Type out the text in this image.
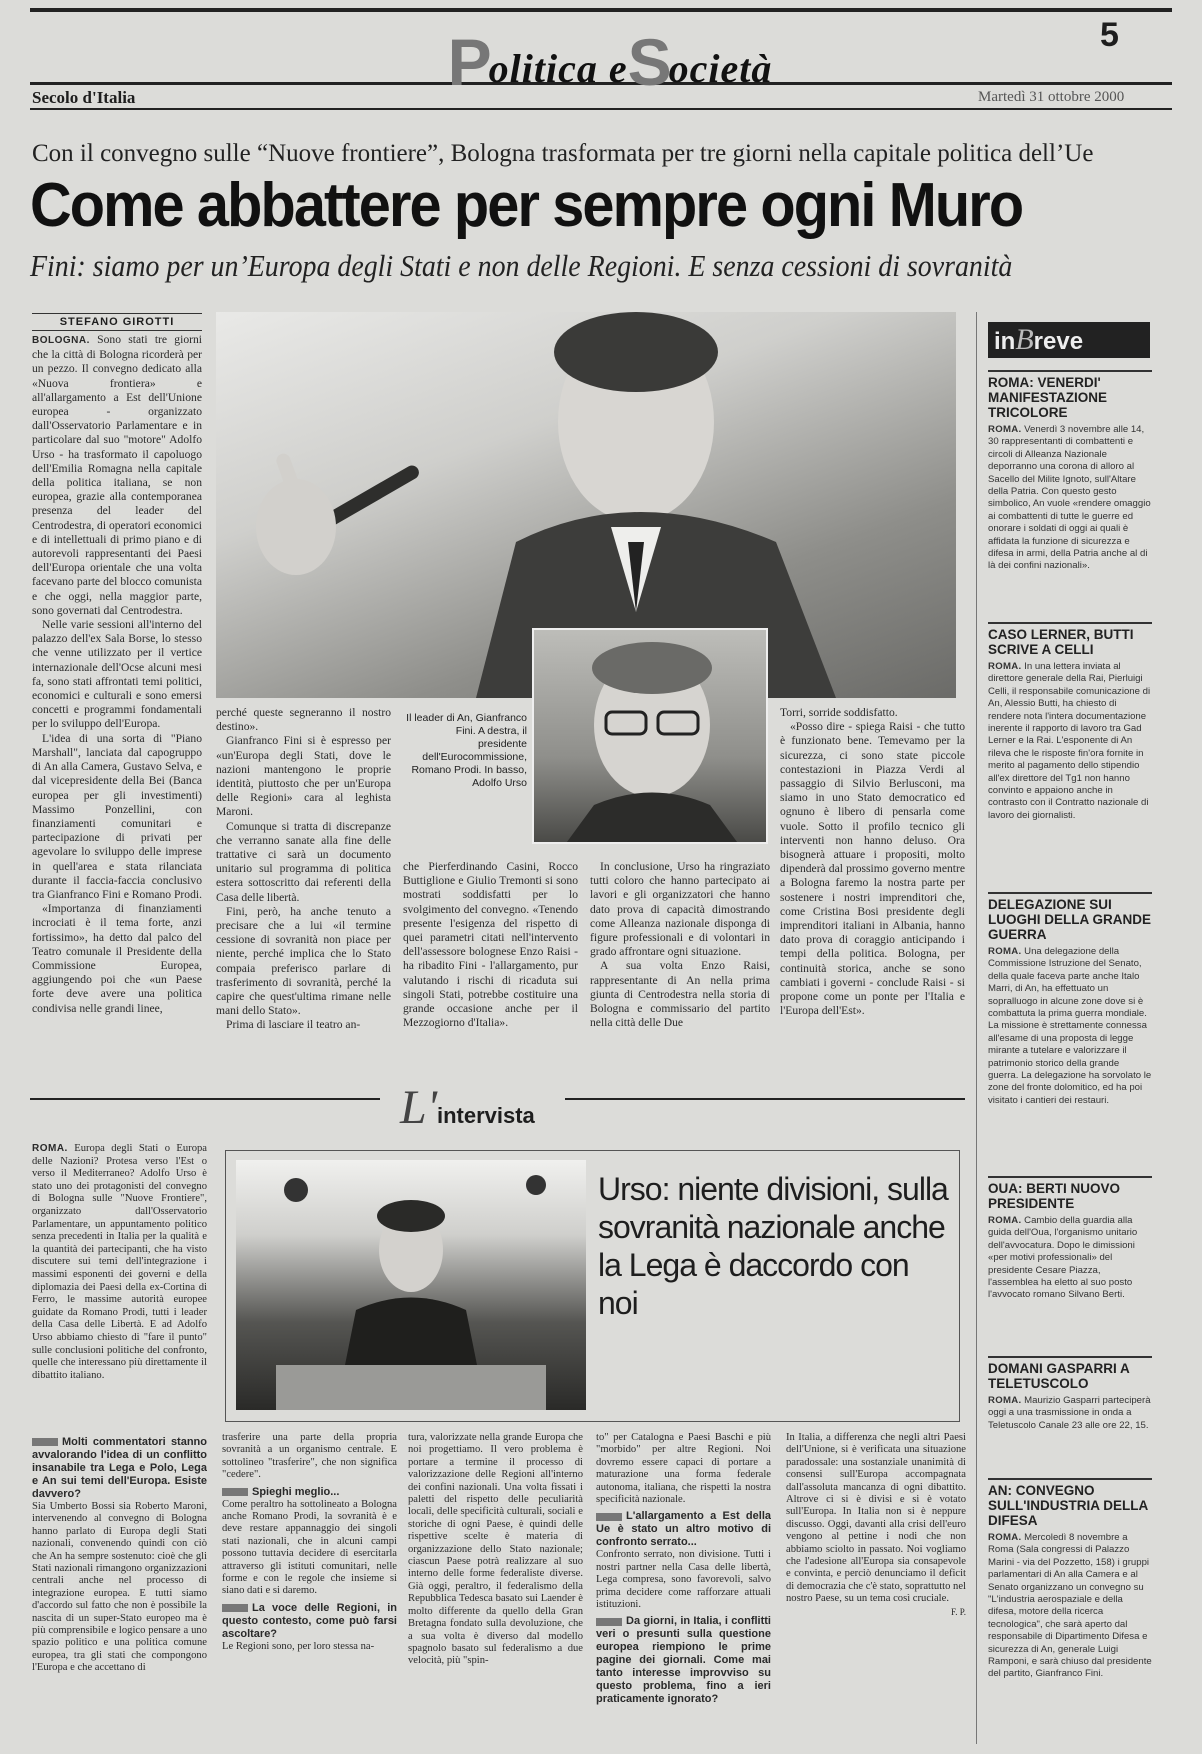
P
olitica e S
ocietà
5
Secolo d'Italia	Martedì 31 ottobre 2000
Con il convegno sulle “Nuove frontiere”, Bologna trasformata per tre giorni nella capitale politica dell’Ue
Come abbattere per sempre ogni Muro
Fini: siamo per un’Europa degli Stati e non delle Regioni. E senza cessioni di sovranità
STEFANO GIROTTI
BOLOGNA. Sono stati tre giorni che la città di Bologna ricorderà per un pezzo. Il convegno dedicato alla «Nuova frontiera» e all'allargamento a Est dell'Unione europea - organizzato dall'Osservatorio Parlamentare e in particolare dal suo "motore" Adolfo Urso - ha trasformato il capoluogo dell'Emilia Romagna nella capitale della politica italiana, se non europea, grazie alla contemporanea presenza del leader del Centrodestra, di operatori economici e di intellettuali di primo piano e di autorevoli rappresentanti dei Paesi dell'Europa orientale che una volta facevano parte del blocco comunista e che oggi, nella maggior parte, sono governati dal Centrodestra.

Nelle varie sessioni all'interno del palazzo dell'ex Sala Borse, lo stesso che venne utilizzato per il vertice internazionale dell'Ocse alcuni mesi fa, sono stati affrontati temi politici, economici e culturali e sono emersi concetti e programmi fondamentali per lo sviluppo dell'Europa.

L'idea di una sorta di "Piano Marshall", lanciata dal capogruppo di An alla Camera, Gustavo Selva, e dal vicepresidente della Bei (Banca europea per gli investimenti) Massimo Ponzellini, con finanziamenti comunitari e partecipazione di privati per agevolare lo sviluppo delle imprese in quell'area e stata rilanciata durante il faccia-faccia conclusivo tra Gianfranco Fini e Romano Prodi.

«Importanza di finanziamenti incrociati è il tema forte, anzi fortissimo», ha detto dal palco del Teatro comunale il Presidente della Commissione Europea, aggiungendo poi che «un Paese forte deve avere una politica condivisa nelle grandi linee,

Il leader di An, Gianfranco Fini. A destra, il presidente dell'Eurocommissione, Romano Prodi. In basso, Adolfo Urso
perché queste segneranno il nostro destino».

Gianfranco Fini si è espresso per «un'Europa degli Stati, dove le nazioni mantengono le proprie identità, piuttosto che per un'Europa delle Regioni» cara al leghista Maroni.

Comunque si tratta di discrepanze che verranno sanate alla fine delle trattative ci sarà un documento unitario sul programma di politica estera sottoscritto dai referenti della Casa delle libertà.

Fini, però, ha anche tenuto a precisare che a lui «il termine cessione di sovranità non piace per niente, perché implica che lo Stato compaia preferisco parlare di trasferimento di sovranità, perché la capire che quest'ultima rimane nelle mani dello Stato».

Prima di lasciare il teatro an-

che Pierferdinando Casini, Rocco Buttiglione e Giulio Tremonti si sono mostrati soddisfatti per lo svolgimento del convegno. «Tenendo presente l'esigenza del rispetto di quei parametri citati nell'intervento dell'assessore bolognese Enzo Raisi - ha ribadito Fini - l'allargamento, pur valutando i rischi di ricaduta sui singoli Stati, potrebbe costituire una grande occasione anche per il Mezzogiorno d'Italia».

In conclusione, Urso ha ringraziato tutti coloro che hanno partecipato ai lavori e gli organizzatori che hanno dato prova di capacità dimostrando come Alleanza nazionale disponga di figure professionali e di volontari in grado affrontare ogni situazione.

A sua volta Enzo Raisi, rappresentante di An nella prima giunta di Centrodestra nella storia di Bologna e commissario del partito nella città delle Due

Torri, sorride soddisfatto.

«Posso dire - spiega Raisi - che tutto è funzionato bene. Temevamo per la sicurezza, ci sono state piccole contestazioni in Piazza Verdi al passaggio di Silvio Berlusconi, ma siamo in uno Stato democratico ed ognuno è libero di pensarla come vuole. Sotto il profilo tecnico gli interventi non hanno deluso. Ora bisognerà attuare i propositi, molto dipenderà dal prossimo governo mentre a Bologna faremo la nostra parte per sostenere i nostri imprenditori che, come Cristina Bosi presidente degli imprenditori italiani in Albania, hanno dato prova di coraggio anticipando i tempi della politica. Bologna, per continuità storica, anche se sono cambiati i governi - conclude Raisi - si propone come un ponte per l'Italia e l'Europa dell'Est».

inBreve
ROMA: VENERDI' MANIFESTAZIONE TRICOLORE
ROMA. Venerdì 3 novembre alle 14, 30 rappresentanti di combattenti e circoli di Alleanza Nazionale deporranno una corona di alloro al Sacello del Milite Ignoto, sull'Altare della Patria. Con questo gesto simbolico, An vuole «rendere omaggio ai combattenti di tutte le guerre ed onorare i soldati di oggi ai quali è affidata la funzione di sicurezza e difesa in armi, della Patria anche al di là dei confini nazionali».
CASO LERNER, BUTTI SCRIVE A CELLI
ROMA. In una lettera inviata al direttore generale della Rai, Pierluigi Celli, il responsabile comunicazione di An, Alessio Butti, ha chiesto di rendere nota l'intera documentazione inerente il rapporto di lavoro tra Gad Lerner e la Rai. L'esponente di An rileva che le risposte fin'ora fornite in merito al pagamento dello stipendio all'ex direttore del Tg1 non hanno convinto e appaiono anche in contrasto con il Contratto nazionale di lavoro dei giornalisti.
DELEGAZIONE SUI LUOGHI DELLA GRANDE GUERRA
ROMA. Una delegazione della Commissione Istruzione del Senato, della quale faceva parte anche Italo Marri, di An, ha effettuato un sopralluogo in alcune zone dove si è combattuta la prima guerra mondiale. La missione è strettamente connessa all'esame di una proposta di legge mirante a tutelare e valorizzare il patrimonio storico della grande guerra. La delegazione ha sorvolato le zone del fronte dolomitico, ed ha poi visitato i cantieri dei restauri.
OUA: BERTI NUOVO PRESIDENTE
ROMA. Cambio della guardia alla guida dell'Oua, l'organismo unitario dell'avvocatura. Dopo le dimissioni «per motivi professionali» del presidente Cesare Piazza, l'assemblea ha eletto al suo posto l'avvocato romano Silvano Berti.
DOMANI GASPARRI A TELETUSCOLO
ROMA. Maurizio Gasparri parteciperà oggi a una trasmissione in onda a Teletuscolo Canale 23 alle ore 22, 15.
AN: CONVEGNO SULL'INDUSTRIA DELLA DIFESA
ROMA. Mercoledì 8 novembre a Roma (Sala congressi di Palazzo Marini - via del Pozzetto, 158) i gruppi parlamentari di An alla Camera e al Senato organizzano un convegno su "L'industria aerospaziale e della difesa, motore della ricerca tecnologica", che sarà aperto dal responsabile di Dipartimento Difesa e sicurezza di An, generale Luigi Ramponi, e sarà chiuso dal presidente del partito, Gianfranco Fini.
L'intervista
ROMA. Europa degli Stati o Europa delle Nazioni? Protesa verso l'Est o verso il Mediterraneo? Adolfo Urso è stato uno dei protagonisti del convegno di Bologna sulle "Nuove Frontiere", organizzato dall'Osservatorio Parlamentare, un appuntamento politico senza precedenti in Italia per la qualità e la quantità dei partecipanti, che ha visto discutere sui temi dell'integrazione i massimi esponenti dei governi e della diplomazia dei Paesi della ex-Cortina di Ferro, le massime autorità europee guidate da Romano Prodi, tutti i leader della Casa delle Libertà. E ad Adolfo Urso abbiamo chiesto di "fare il punto" sulle conclusioni politiche del confronto, quelle che interessano più direttamente il dibattito italiano.
Urso: niente divisioni, sulla sovranità nazionale anche la Lega è daccordo con noi
Molti commentatori stanno avvalorando l'idea di un conflitto insanabile tra Lega e Polo, Lega e An sui temi dell'Europa. Esiste davvero?
Sia Umberto Bossi sia Roberto Maroni, intervenendo al convegno di Bologna hanno parlato di Europa degli Stati nazionali, convenendo quindi con ciò che An ha sempre sostenuto: cioè che gli Stati nazionali rimangono organizzazioni centrali anche nel processo di integrazione europea. E tutti siamo d'accordo sul fatto che non è possibile la nascita di un super-Stato europeo ma è più comprensibile e logico pensare a uno spazio politico e una politica comune europea, tra gli stati che compongono l'Europa e che accettano di
trasferire una parte della propria sovranità a un organismo centrale. E sottolineo "trasferire", che non significa "cedere".
Spieghi meglio...
Come peraltro ha sottolineato a Bologna anche Romano Prodi, la sovranità è e deve restare appannaggio dei singoli stati nazionali, che in alcuni campi possono tuttavia decidere di esercitarla attraverso gli istituti comunitari, nelle forme e con le regole che insieme si siano dati e si daremo.
La voce delle Regioni, in questo contesto, come può farsi ascoltare?
Le Regioni sono, per loro stessa na-
tura, valorizzate nella grande Europa che noi progettiamo. Il vero problema è portare a termine il processo di valorizzazione delle Regioni all'interno dei confini nazionali. Una volta fissati i paletti del rispetto delle peculiarità locali, delle specificità culturali, sociali e storiche di ogni Paese, è quindi delle rispettive scelte è materia di organizzazione dello Stato nazionale; ciascun Paese potrà realizzare al suo interno delle forme federaliste diverse. Già oggi, peraltro, il federalismo della Repubblica Tedesca basato sui Laender è molto differente da quello della Gran Bretagna fondato sulla devoluzione, che a sua volta è diverso dal modello spagnolo basato sul federalismo a due velocità, più "spin-
to" per Catalogna e Paesi Baschi e più "morbido" per altre Regioni. Noi dovremo essere capaci di portare a maturazione una forma federale autonoma, italiana, che rispetti la nostra specificità nazionale.
L'allargamento a Est della Ue è stato un altro motivo di confronto serrato...
Confronto serrato, non divisione. Tutti i nostri partner nella Casa delle libertà, Lega compresa, sono favorevoli, salvo prima decidere come rafforzare attuali istituzioni.
Da giorni, in Italia, i conflitti veri o presunti sulla questione europea riempiono le prime pagine dei giornali. Come mai tanto interesse improvviso su questo problema, fino a ieri praticamente ignorato?
In Italia, a differenza che negli altri Paesi dell'Unione, si è verificata una situazione paradossale: una sostanziale unanimità di consensi sull'Europa accompagnata dall'assoluta mancanza di ogni dibattito. Altrove ci si è divisi e si è votato sull'Europa. In Italia non si è neppure discusso. Oggi, davanti alla crisi dell'euro vengono al pettine i nodi che non abbiamo sciolto in passato. Noi vogliamo che l'adesione all'Europa sia consapevole e convinta, e perciò denunciamo il deficit di democrazia che c'è stato, soprattutto nel nostro Paese, su un tema così cruciale.
F. P.
